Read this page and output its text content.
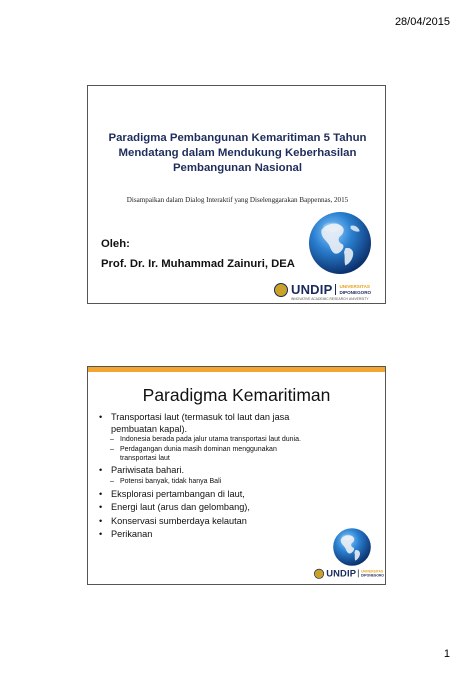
28/04/2015
Paradigma Pembangunan Kemaritiman 5 Tahun
Mendatang dalam Mendukung Keberhasilan
Pembangunan Nasional
Disampaikan dalam Dialog Interaktif yang Diselenggarakan Bappennas, 2015
Oleh:
Prof. Dr. Ir. Muhammad Zainuri, DEA
UNDIP UNIVERSITAS
DIPONEGORO
INNOVATIVE ACADEMIC RESEARCH UNIVERSITY
Paradigma Kemaritiman
• Transportasi laut (termasuk tol laut dan jasa
pembuatan kapal).
– Indonesia berada pada jalur utama transportasi laut dunia.
– Perdagangan dunia masih dominan menggunakan
transportasi laut
• Pariwisata bahari.
– Potensi banyak, tidak hanya Bali
• Eksplorasi pertambangan di laut,
• Energi laut (arus dan gelombang),
• Konservasi sumberdaya kelautan
• Perikanan
UNDIP UNIVERSITAS
DIPONEGORO
1
